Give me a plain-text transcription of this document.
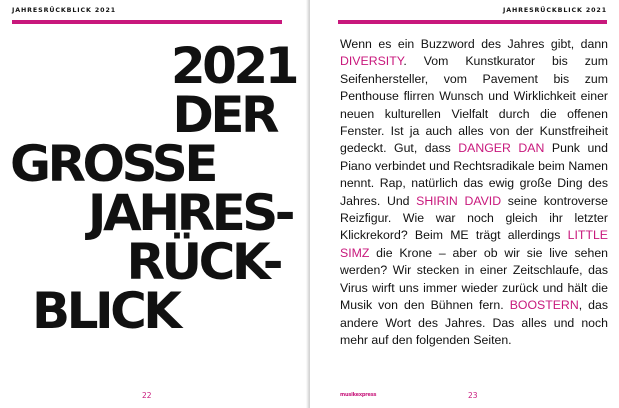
JAHRESRÜCKBLICK 2021
2021
DER
GROSSE
JAHRES-
RÜCK-
BLICK
22
JAHRESRÜCKBLICK 2021

Wenn es ein Buzzword des Jahres gibt, dann DIVERSITY. Vom Kunstkurator bis zum Seifenhersteller, vom Pavement bis zum Penthouse flirren Wunsch und Wirklichkeit einer neuen kulturellen Vielfalt durch die offenen Fenster. Ist ja auch alles von der Kunstfreiheit gedeckt. Gut, dass DANGER DAN Punk und Piano verbindet und Rechtsradikale beim Namen nennt. Rap, natürlich das ewig große Ding des Jahres. Und SHIRIN DAVID seine kontroverse Reizfigur. Wie war noch gleich ihr letzter Klickrekord? Beim ME trägt allerdings LITTLE SIMZ die Krone – aber ob wir sie live sehen werden? Wir stecken in einer Zeitschlaufe, das Virus wirft uns immer wieder zurück und hält die Musik von den Bühnen fern. BOOSTERN, das andere Wort des Jahres. Das alles und noch mehr auf den folgenden Seiten.

musikexpress	23
